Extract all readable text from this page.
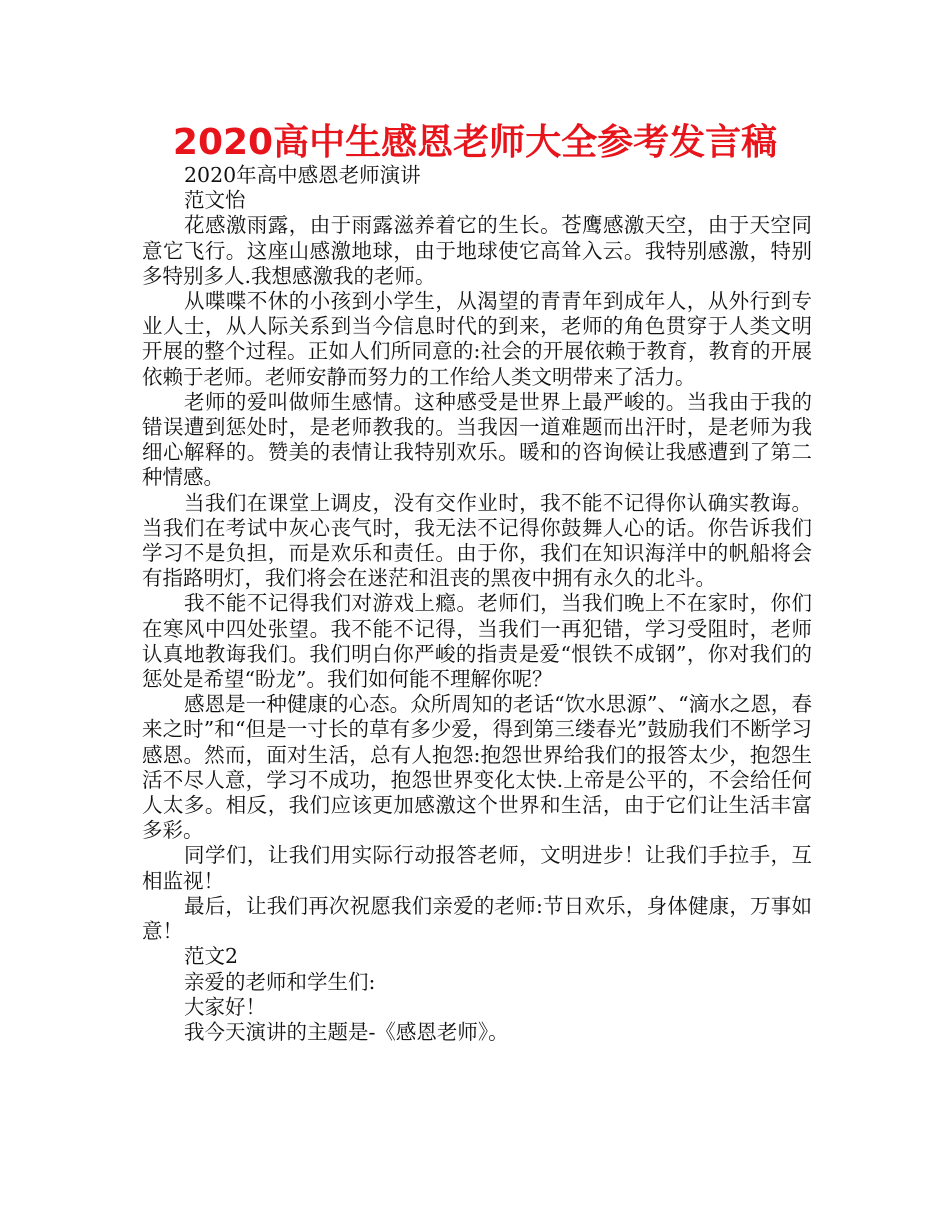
2020高中生感恩老师大全参考发言稿

2020年高中感恩老师演讲

范文怡

花感激雨露，由于雨露滋养着它的生长。苍鹰感激天空，由于天空同意它飞行。这座山感激地球，由于地球使它高耸入云。我特别感激，特别多特别多人.我想感激我的老师。

从喋喋不休的小孩到小学生，从渴望的青青年到成年人，从外行到专业人士，从人际关系到当今信息时代的到来，老师的角色贯穿于人类文明开展的整个过程。正如人们所同意的:社会的开展依赖于教育，教育的开展依赖于老师。老师安静而努力的工作给人类文明带来了活力。

老师的爱叫做师生感情。这种感受是世界上最严峻的。当我由于我的错误遭到惩处时，是老师教我的。当我因一道难题而出汗时，是老师为我细心解释的。赞美的表情让我特别欢乐。暖和的咨询候让我感遭到了第二种情感。

当我们在课堂上调皮，没有交作业时，我不能不记得你认确实教诲。当我们在考试中灰心丧气时，我无法不记得你鼓舞人心的话。你告诉我们学习不是负担，而是欢乐和责任。由于你，我们在知识海洋中的帆船将会有指路明灯，我们将会在迷茫和沮丧的黑夜中拥有永久的北斗。

我不能不记得我们对游戏上瘾。老师们，当我们晚上不在家时，你们在寒风中四处张望。我不能不记得，当我们一再犯错，学习受阻时，老师认真地教诲我们。我们明白你严峻的指责是爱“恨铁不成钢”，你对我们的惩处是希望“盼龙”。我们如何能不理解你呢？

感恩是一种健康的心态。众所周知的老话“饮水思源”、“滴水之恩，春来之时”和“但是一寸长的草有多少爱，得到第三缕春光”鼓励我们不断学习感恩。然而，面对生活，总有人抱怨:抱怨世界给我们的报答太少，抱怨生活不尽人意，学习不成功，抱怨世界变化太快.上帝是公平的，不会给任何人太多。相反，我们应该更加感激这个世界和生活，由于它们让生活丰富多彩。

同学们，让我们用实际行动报答老师，文明进步！让我们手拉手，互相监视！

最后，让我们再次祝愿我们亲爱的老师:节日欢乐，身体健康，万事如意！

范文2

亲爱的老师和学生们:

大家好！

我今天演讲的主题是-《感恩老师》。
